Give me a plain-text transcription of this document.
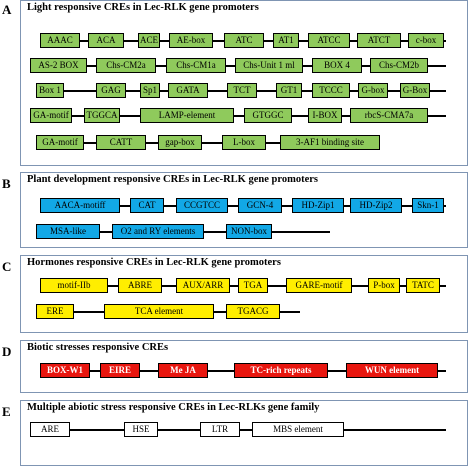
Light responsive CREs in Lec-RLK gene promoters
A
Plant development responsive CREs in Lec-RLK gene promoters
B
Hormones responsive CREs in Lec-RLK gene promoters
C
Biotic stresses responsive CREs
D
Multiple abiotic stress responsive CREs in Lec-RLKs gene family
E
AAAC	ACA	ACE	AE-box	ATC	AT1	ATCC	ATCT	c-box
AS-2 BOX	Chs-CM2a	Chs-CM1a	Chs-Unit 1 ml	BOX 4	Chs-CM2b
Box 1	GAG	Sp1	GATA	TCT	GT1	TCCC	G-box	G-Box
GA-motif	TGGCA	LAMP-element	GTGGC	I-BOX	rbcS-CMA7a
GA-motif	CATT	gap-box	L-box	3-AF1 binding site
AACA-motiff	CAT	CCGTCC	GCN-4	HD-Zip1	HD-Zip2	Skn-1
MSA-like	O2 and RY elements	NON-box
motif-IIb	ABRE	AUX/ARR	TGA	GARE-motif	P-box	TATC
ERE	TCA element	TGACG
BOX-W1	EIRE	Me JA	TC-rich repeats	WUN element
ARE	HSE	LTR	MBS element
